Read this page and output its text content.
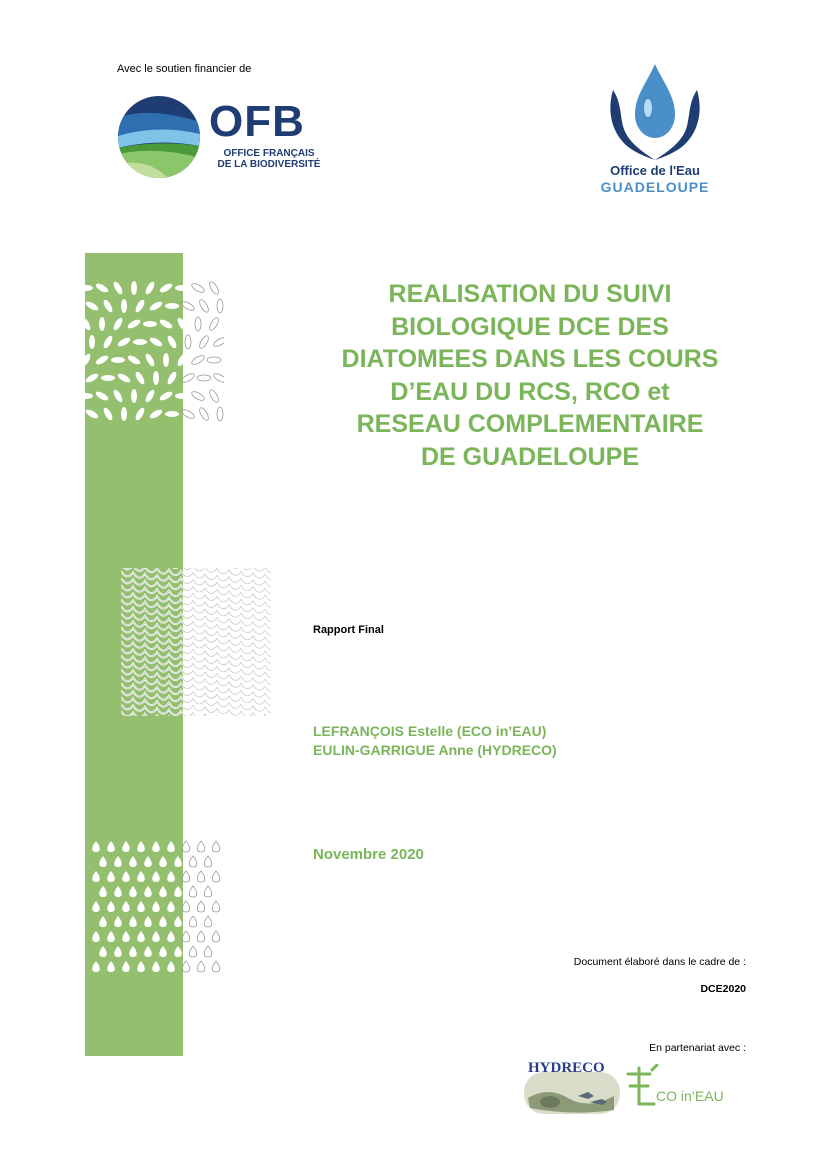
Avec le soutien financier de
OFB
OFFICE FRANÇAIS
DE LA BIODIVERSITÉ	Office de l'Eau
GUADELOUPE
REALISATION DU SUIVI
BIOLOGIQUE DCE DES
DIATOMEES DANS LES COURS
D’EAU DU RCS, RCO et
RESEAU COMPLEMENTAIRE
DE GUADELOUPE
Rapport Final
LEFRANÇOIS Estelle (ECO in’EAU)
EULIN-GARRIGUE Anne (HYDRECO)
Novembre 2020
Document élaboré dans le cadre de :
DCE2020
En partenariat avec :
HYDRECO
CO in’EAU
